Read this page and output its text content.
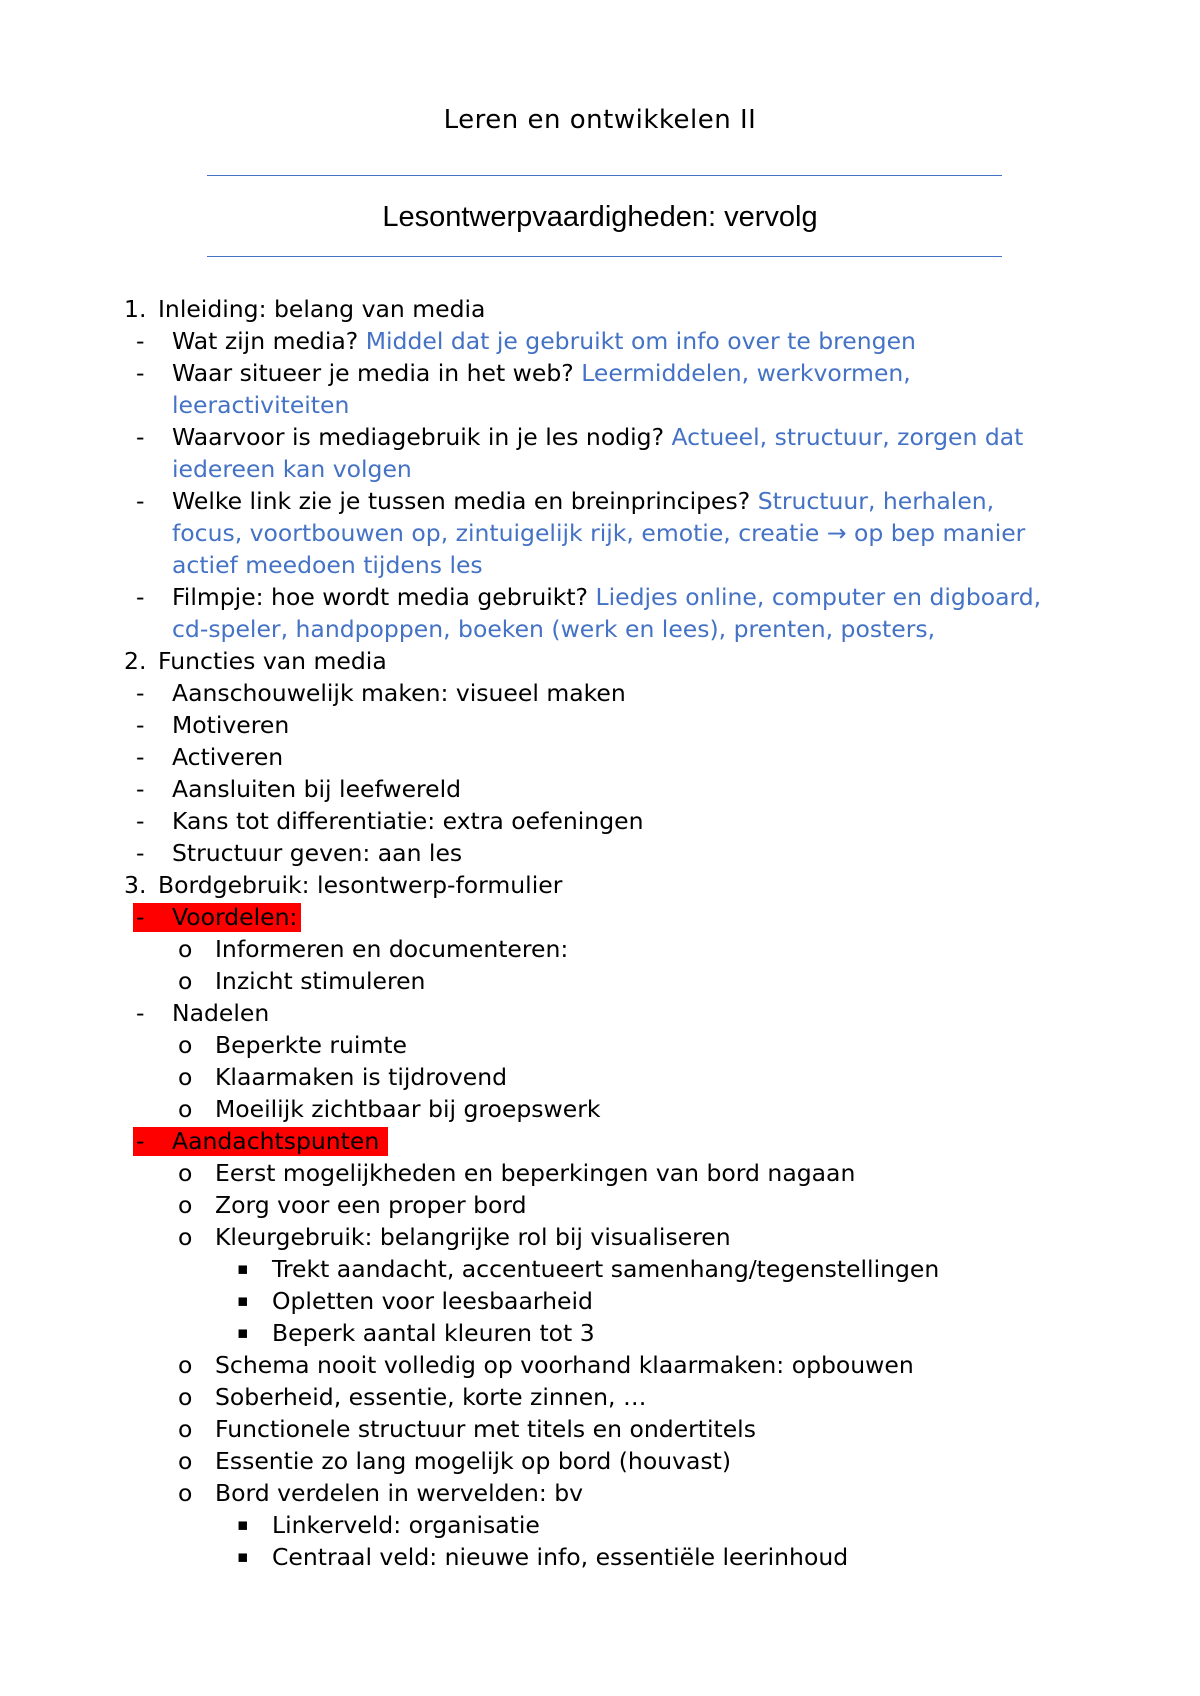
Leren en ontwikkelen II
Lesontwerpvaardigheden: vervolg
1. Inleiding: belang van media

- Wat zijn media? Middel dat je gebruikt om info over te brengen

- Waar situeer je media in het web? Leermiddelen, werkvormen,

leeractiviteiten

- Waarvoor is mediagebruik in je les nodig? Actueel, structuur, zorgen dat

iedereen kan volgen

- Welke link zie je tussen media en breinprincipes? Structuur, herhalen,

focus, voortbouwen op, zintuigelijk rijk, emotie, creatie → op bep manier

actief meedoen tijdens les

- Filmpje: hoe wordt media gebruikt? Liedjes online, computer en digboard,

cd-speler, handpoppen, boeken (werk en lees), prenten, posters,

2. Functies van media

- Aanschouwelijk maken: visueel maken

- Motiveren

- Activeren

- Aansluiten bij leefwereld

- Kans tot differentiatie: extra oefeningen

- Structuur geven: aan les

3. Bordgebruik: lesontwerp-formulier

- Voordelen:

o Informeren en documenteren:

o Inzicht stimuleren

- Nadelen

o Beperkte ruimte

o Klaarmaken is tijdrovend

o Moeilijk zichtbaar bij groepswerk

- Aandachtspunten

o Eerst mogelijkheden en beperkingen van bord nagaan

o Zorg voor een proper bord

o Kleurgebruik: belangrijke rol bij visualiseren

▪ Trekt aandacht, accentueert samenhang/tegenstellingen

▪ Opletten voor leesbaarheid

▪ Beperk aantal kleuren tot 3

o Schema nooit volledig op voorhand klaarmaken: opbouwen

o Soberheid, essentie, korte zinnen, …

o Functionele structuur met titels en ondertitels

o Essentie zo lang mogelijk op bord (houvast)

o Bord verdelen in wervelden: bv

▪ Linkerveld: organisatie

▪ Centraal veld: nieuwe info, essentiële leerinhoud
